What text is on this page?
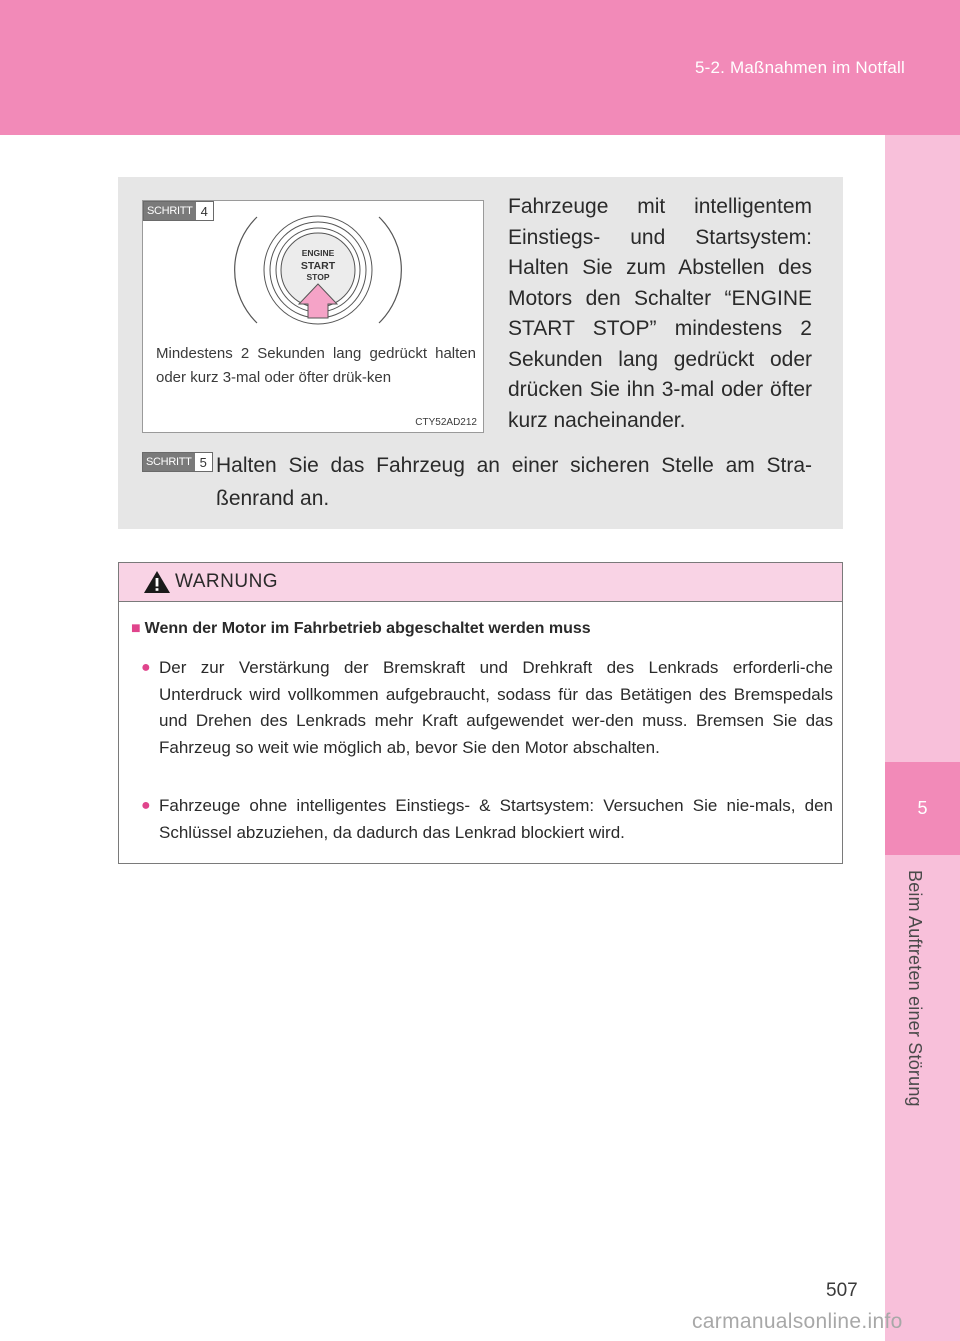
5-2. Maßnahmen im Notfall
5
Beim Auftreten einer Störung
SCHRITT 4
ENGINE
START
STOP
Mindestens 2 Sekunden lang gedrückt halten oder kurz 3-mal oder öfter drük-ken
CTY52AD212
Fahrzeuge mit intelligentem Einstiegs- und Startsystem: Halten Sie zum Abstellen des Motors den Schalter “ENGINE START STOP” mindestens 2 Sekunden lang gedrückt oder drücken Sie ihn 3-mal oder öfter kurz nacheinander.
SCHRITT 5 Halten Sie das Fahrzeug an einer sicheren Stelle am Stra-ßenrand an.
WARNUNG
■ Wenn der Motor im Fahrbetrieb abgeschaltet werden muss
● Der zur Verstärkung der Bremskraft und Drehkraft des Lenkrads erforderli-che Unterdruck wird vollkommen aufgebraucht, sodass für das Betätigen des Bremspedals und Drehen des Lenkrads mehr Kraft aufgewendet wer-den muss. Bremsen Sie das Fahrzeug so weit wie möglich ab, bevor Sie den Motor abschalten.
● Fahrzeuge ohne intelligentes Einstiegs- & Startsystem: Versuchen Sie nie-mals, den Schlüssel abzuziehen, da dadurch das Lenkrad blockiert wird.
507
carmanualsonline.info
